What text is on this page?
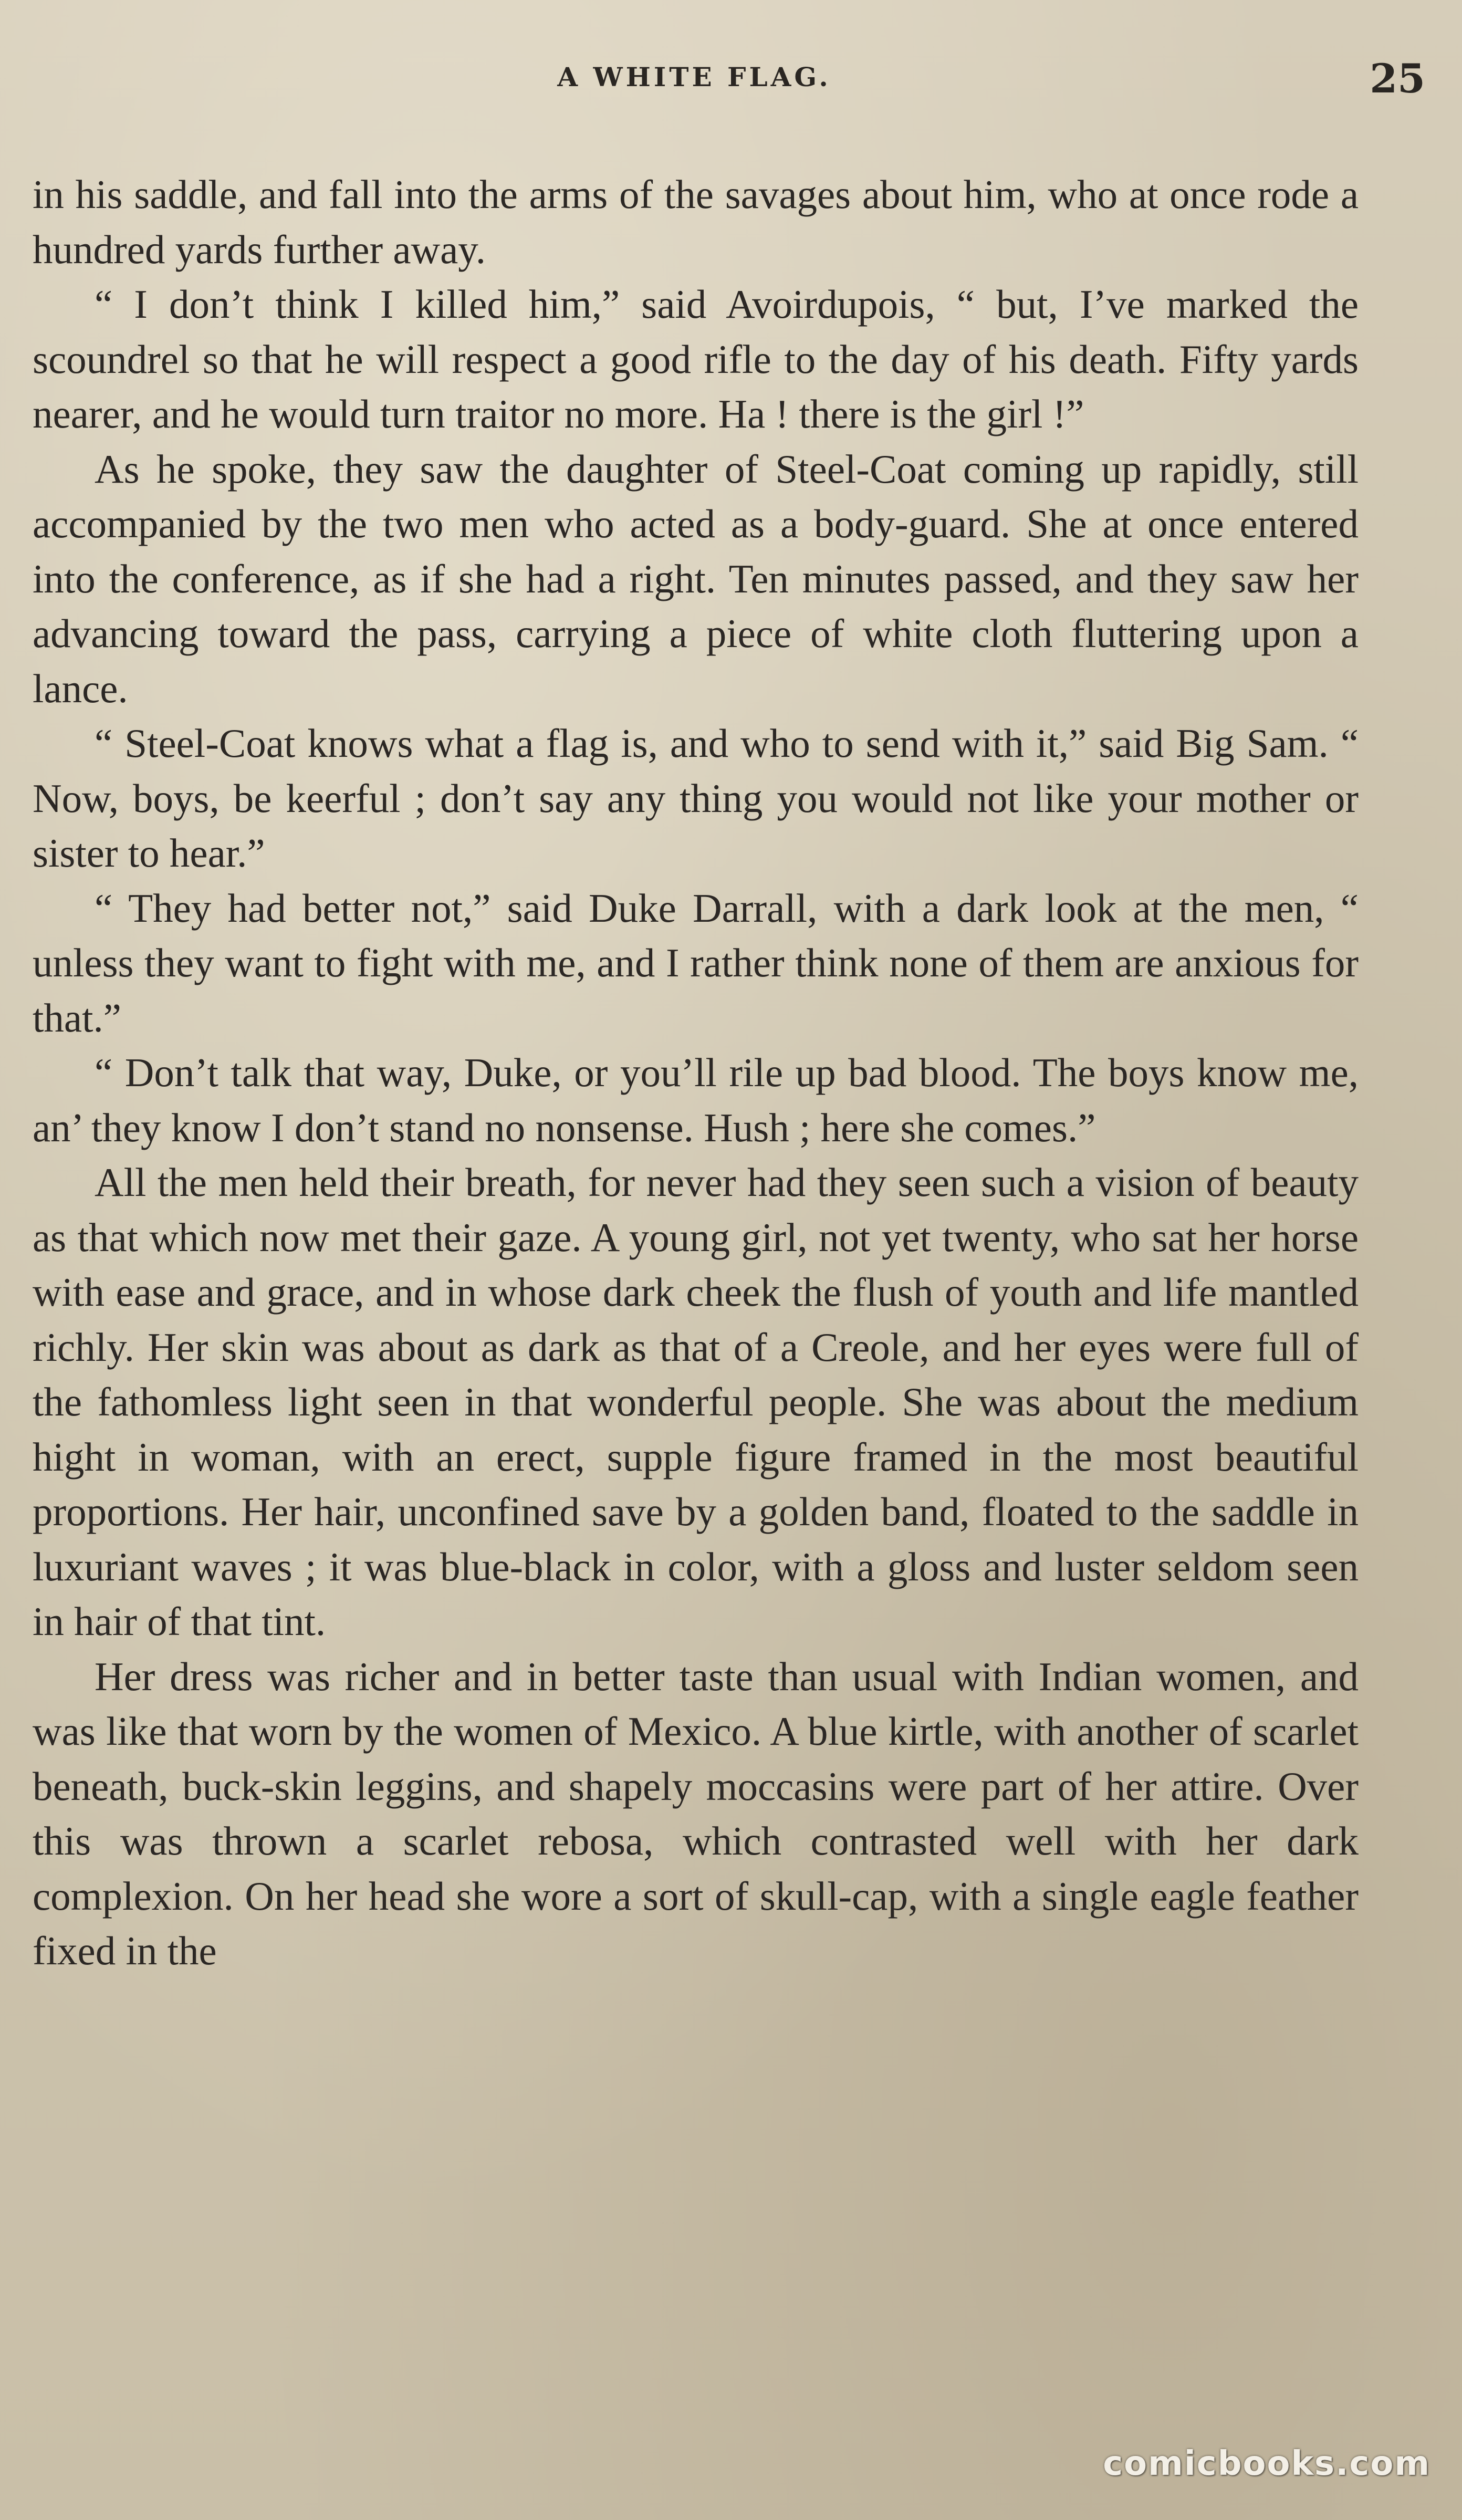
A WHITE FLAG.	25

in his saddle, and fall into the arms of the savages about him, who at once rode a hundred yards further away.

“ I don’t think I killed him,” said Avoirdupois, “ but, I’ve marked the scoundrel so that he will respect a good rifle to the day of his death. Fifty yards nearer, and he would turn traitor no more. Ha ! there is the girl !”

As he spoke, they saw the daughter of Steel-Coat coming up rapidly, still accompanied by the two men who acted as a body-guard. She at once entered into the conference, as if she had a right. Ten minutes passed, and they saw her advancing toward the pass, carrying a piece of white cloth fluttering upon a lance.

“ Steel-Coat knows what a flag is, and who to send with it,” said Big Sam. “ Now, boys, be keerful ; don’t say any thing you would not like your mother or sister to hear.”

“ They had better not,” said Duke Darrall, with a dark look at the men, “ unless they want to fight with me, and I rather think none of them are anxious for that.”

“ Don’t talk that way, Duke, or you’ll rile up bad blood. The boys know me, an’ they know I don’t stand no nonsense. Hush ; here she comes.”

All the men held their breath, for never had they seen such a vision of beauty as that which now met their gaze. A young girl, not yet twenty, who sat her horse with ease and grace, and in whose dark cheek the flush of youth and life mantled richly. Her skin was about as dark as that of a Creole, and her eyes were full of the fathomless light seen in that wonderful people. She was about the medium hight in woman, with an erect, supple figure framed in the most beautiful proportions. Her hair, unconfined save by a golden band, floated to the saddle in luxuriant waves ; it was blue-black in color, with a gloss and luster seldom seen in hair of that tint.

Her dress was richer and in better taste than usual with Indian women, and was like that worn by the women of Mexico. A blue kirtle, with another of scarlet beneath, buck-skin leggins, and shapely moccasins were part of her attire. Over this was thrown a scarlet rebosa, which contrasted well with her dark complexion. On her head she wore a sort of skull-cap, with a single eagle feather fixed in the

comicbooks.com
